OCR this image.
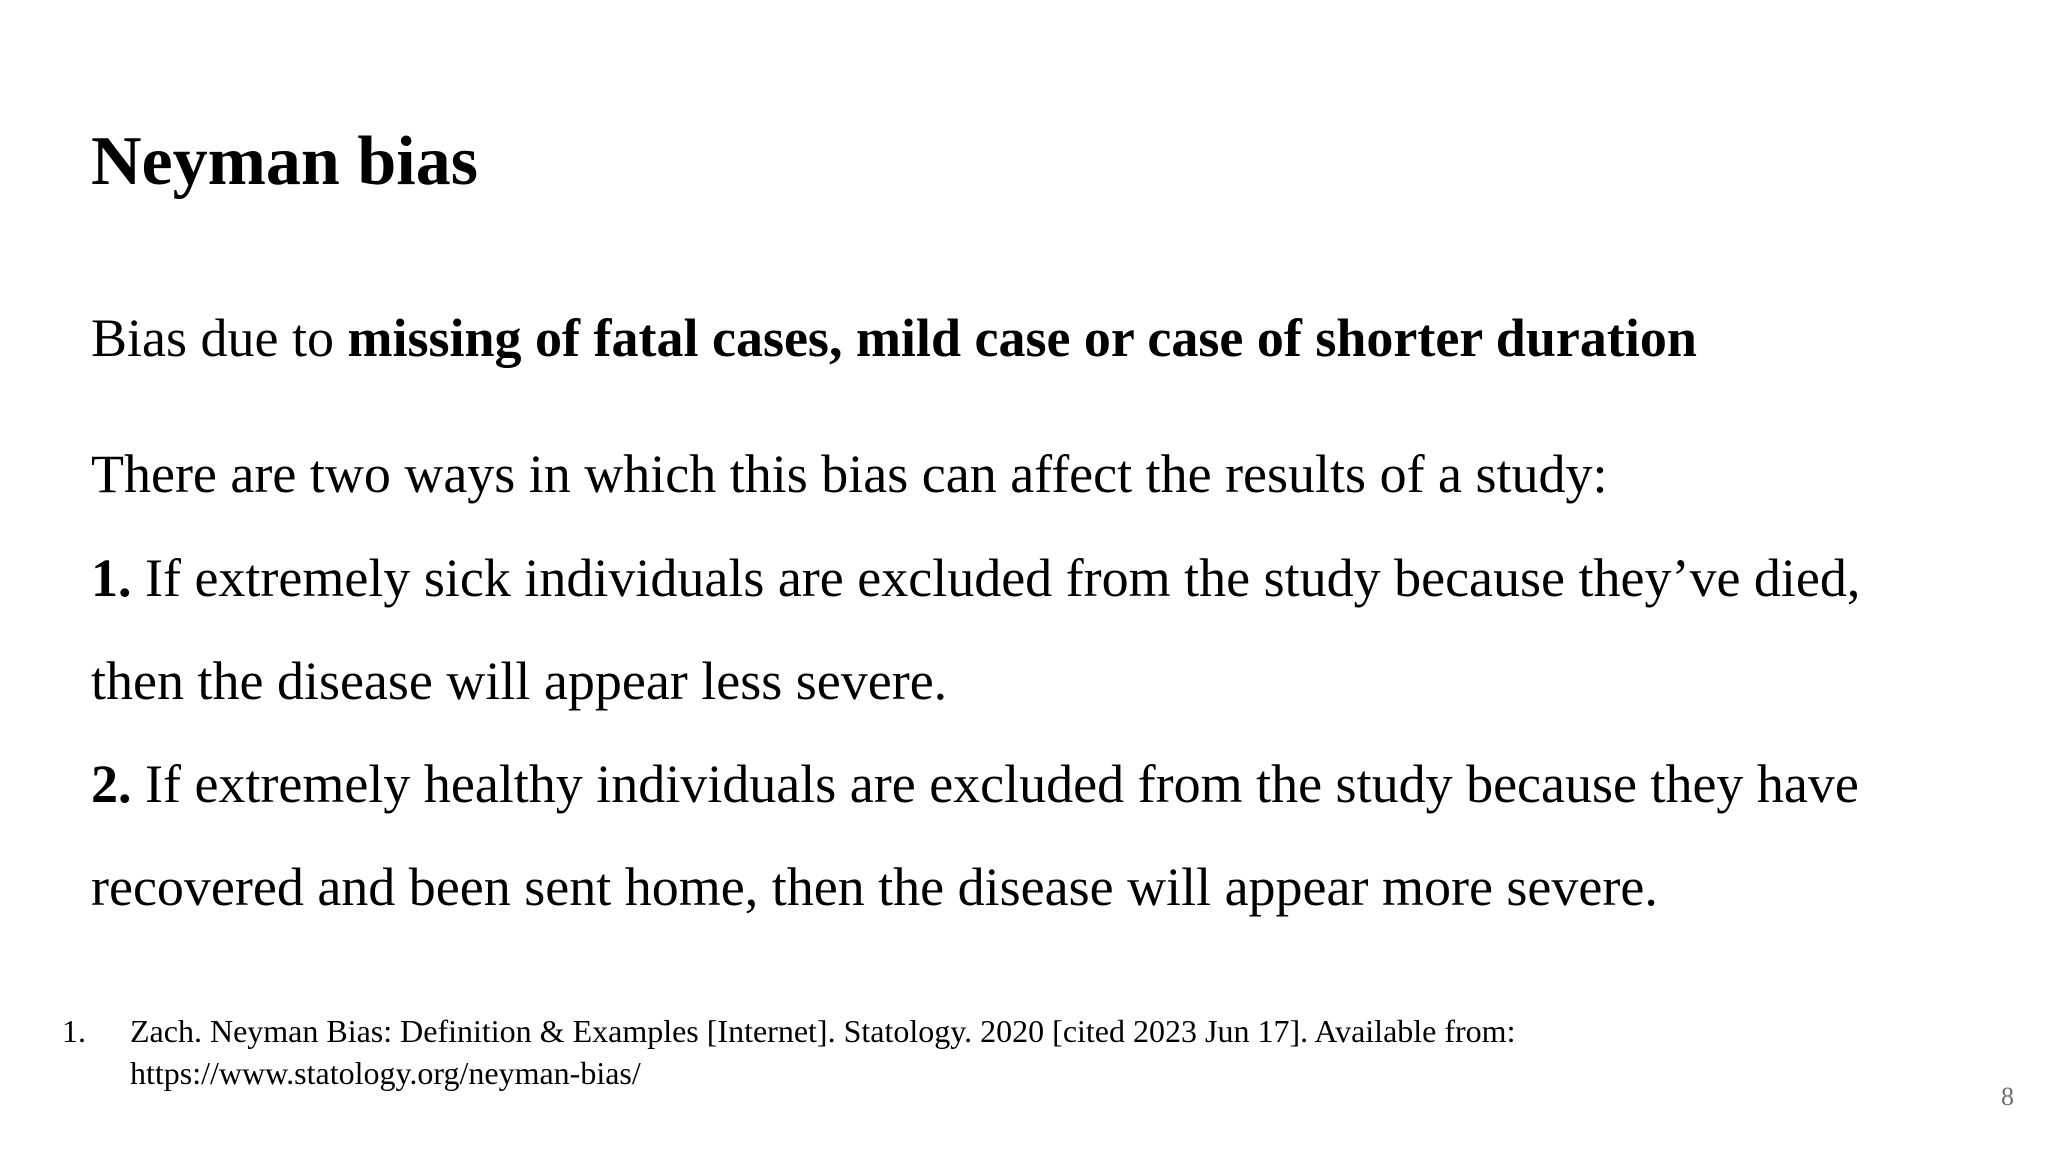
Neyman bias

Bias due to missing of fatal cases, mild case or case of shorter duration

There are two ways in which this bias can affect the results of a study:

1. If extremely sick individuals are excluded from the study because they’ve died,

then the disease will appear less severe.

2. If extremely healthy individuals are excluded from the study because they have

recovered and been sent home, then the disease will appear more severe.

1. Zach. Neyman Bias: Definition & Examples [Internet]. Statology. 2020 [cited 2023 Jun 17]. Available from:
https://www.statology.org/neyman-bias/
8
